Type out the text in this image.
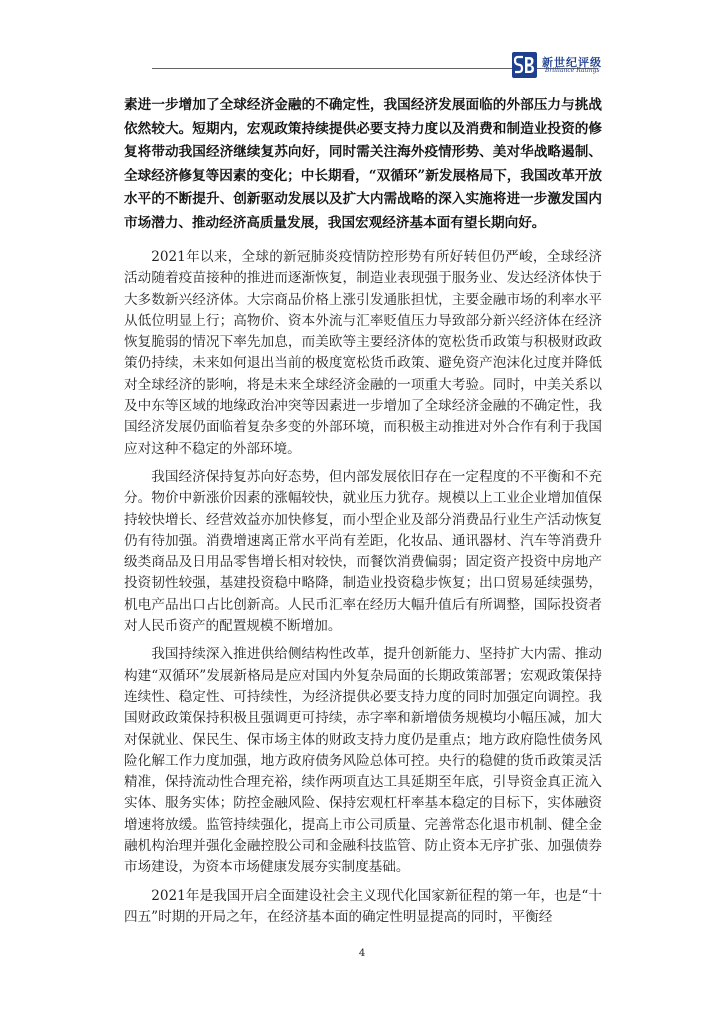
新世纪评级
Brilliance Ratings

素进一步增加了全球经济金融的不确定性，我国经济发展面临的外部压力与挑战依然较大。短期内，宏观政策持续提供必要支持力度以及消费和制造业投资的修复将带动我国经济继续复苏向好，同时需关注海外疫情形势、美对华战略遏制、全球经济修复等因素的变化；中长期看，“双循环”新发展格局下，我国改革开放水平的不断提升、创新驱动发展以及扩大内需战略的深入实施将进一步激发国内市场潜力、推动经济高质量发展，我国宏观经济基本面有望长期向好。

2021年以来，全球的新冠肺炎疫情防控形势有所好转但仍严峻，全球经济活动随着疫苗接种的推进而逐渐恢复，制造业表现强于服务业、发达经济体快于大多数新兴经济体。大宗商品价格上涨引发通胀担忧，主要金融市场的利率水平从低位明显上行；高物价、资本外流与汇率贬值压力导致部分新兴经济体在经济恢复脆弱的情况下率先加息，而美欧等主要经济体的宽松货币政策与积极财政政策仍持续，未来如何退出当前的极度宽松货币政策、避免资产泡沫化过度并降低对全球经济的影响，将是未来全球经济金融的一项重大考验。同时，中美关系以及中东等区域的地缘政治冲突等因素进一步增加了全球经济金融的不确定性，我国经济发展仍面临着复杂多变的外部环境，而积极主动推进对外合作有利于我国应对这种不稳定的外部环境。

我国经济保持复苏向好态势，但内部发展依旧存在一定程度的不平衡和不充分。物价中新涨价因素的涨幅较快，就业压力犹存。规模以上工业企业增加值保持较快增长、经营效益亦加快修复，而小型企业及部分消费品行业生产活动恢复仍有待加强。消费增速离正常水平尚有差距，化妆品、通讯器材、汽车等消费升级类商品及日用品零售增长相对较快，而餐饮消费偏弱；固定资产投资中房地产投资韧性较强，基建投资稳中略降，制造业投资稳步恢复；出口贸易延续强势，机电产品出口占比创新高。人民币汇率在经历大幅升值后有所调整，国际投资者对人民币资产的配置规模不断增加。

我国持续深入推进供给侧结构性改革，提升创新能力、坚持扩大内需、推动构建“双循环”发展新格局是应对国内外复杂局面的长期政策部署；宏观政策保持连续性、稳定性、可持续性，为经济提供必要支持力度的同时加强定向调控。我国财政政策保持积极且强调更可持续，赤字率和新增债务规模均小幅压减，加大对保就业、保民生、保市场主体的财政支持力度仍是重点；地方政府隐性债务风险化解工作力度加强，地方政府债务风险总体可控。央行的稳健的货币政策灵活精准，保持流动性合理充裕，续作两项直达工具延期至年底，引导资金真正流入实体、服务实体；防控金融风险、保持宏观杠杆率基本稳定的目标下，实体融资增速将放缓。监管持续强化，提高上市公司质量、完善常态化退市机制、健全金融机构治理并强化金融控股公司和金融科技监管、防止资本无序扩张、加强债券市场建设，为资本市场健康发展夯实制度基础。

2021年是我国开启全面建设社会主义现代化国家新征程的第一年，也是“十四五”时期的开局之年，在经济基本面的确定性明显提高的同时，平衡经

4
